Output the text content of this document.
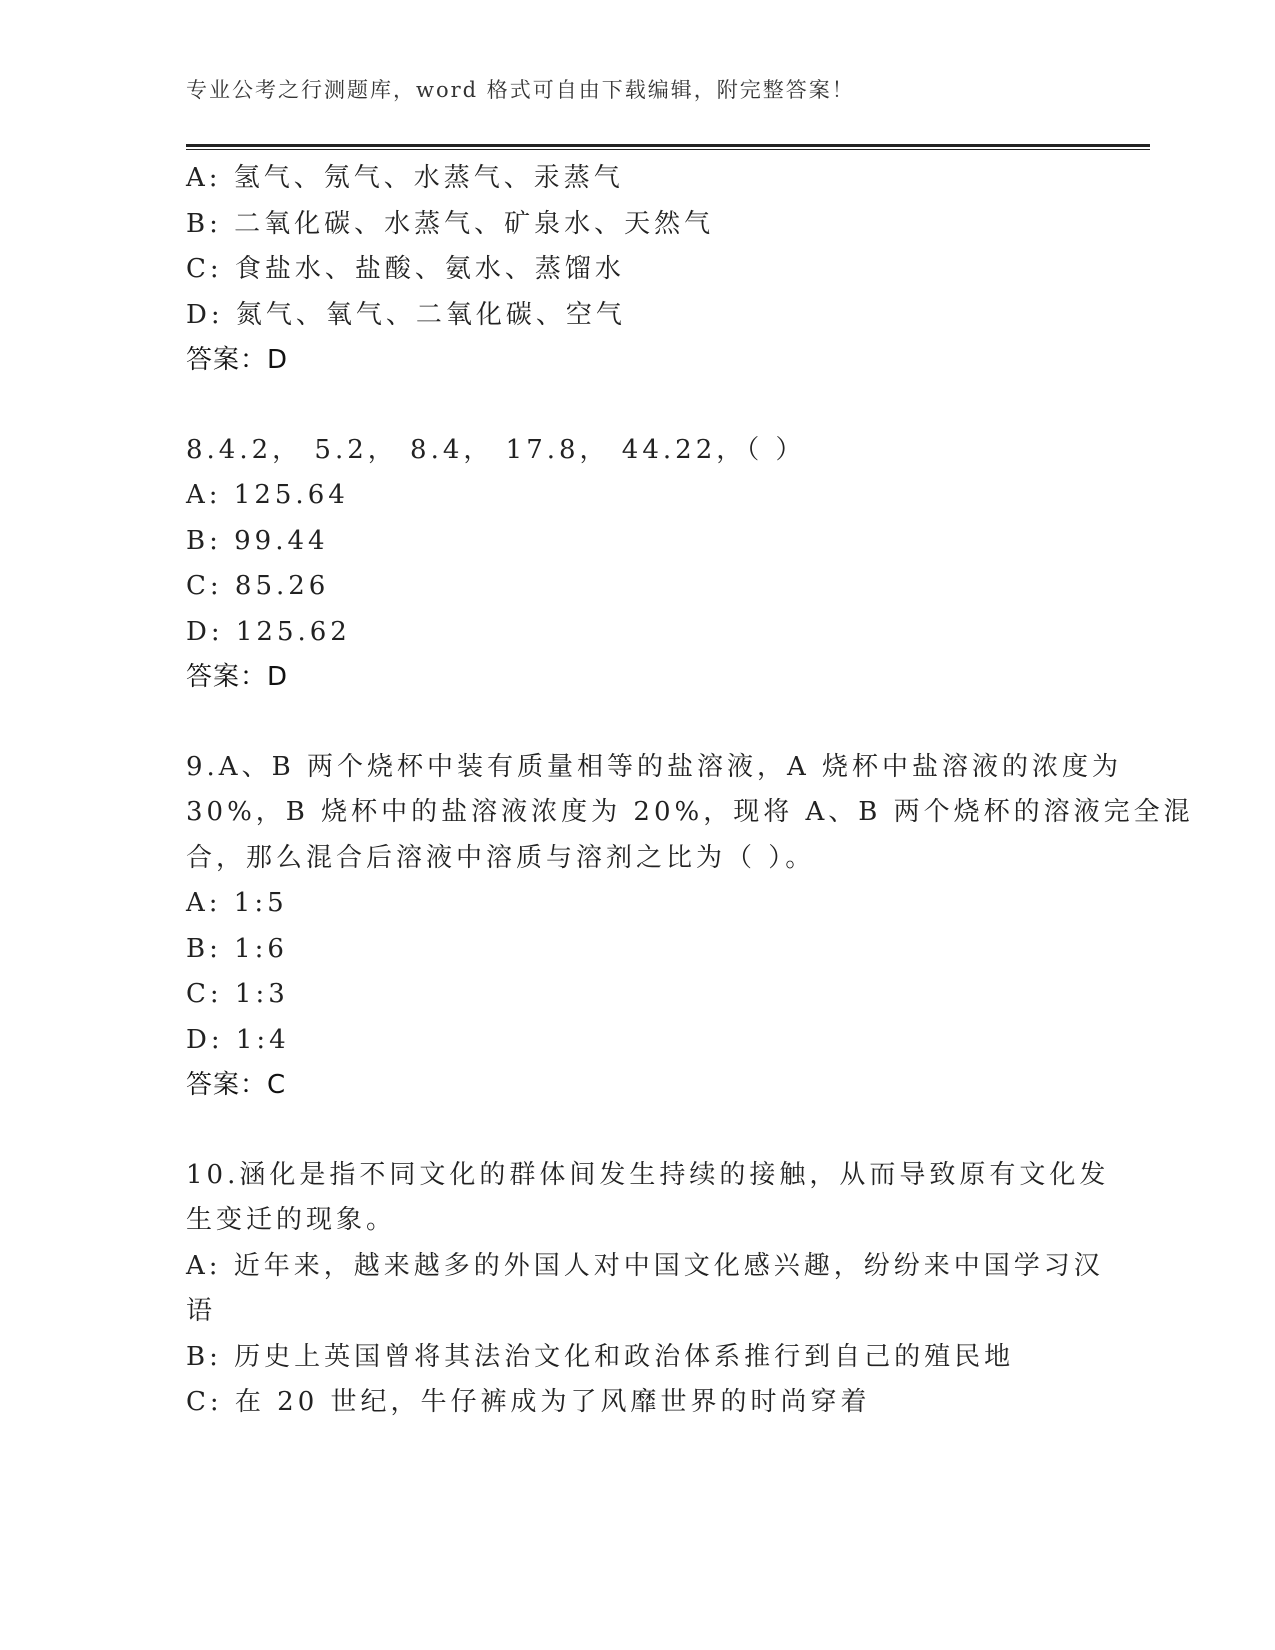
专业公考之行测题库，word 格式可自由下载编辑，附完整答案！
A: 氢气、氖气、水蒸气、汞蒸气
B: 二氧化碳、水蒸气、矿泉水、天然气
C: 食盐水、盐酸、氨水、蒸馏水
D: 氮气、氧气、二氧化碳、空气
答案：D
8.4.2， 5.2， 8.4， 17.8， 44.22，（ ）
A: 125.64
B: 99.44
C: 85.26
D: 125.62
答案：D
9.A、B 两个烧杯中装有质量相等的盐溶液，A 烧杯中盐溶液的浓度为
30%，B 烧杯中的盐溶液浓度为 20%，现将 A、B 两个烧杯的溶液完全混
合，那么混合后溶液中溶质与溶剂之比为（ ）。
A: 1:5
B: 1:6
C: 1:3
D: 1:4
答案：C
10.涵化是指不同文化的群体间发生持续的接触，从而导致原有文化发
生变迁的现象。
A: 近年来，越来越多的外国人对中国文化感兴趣，纷纷来中国学习汉
语
B: 历史上英国曾将其法治文化和政治体系推行到自己的殖民地
C: 在 20 世纪，牛仔裤成为了风靡世界的时尚穿着
